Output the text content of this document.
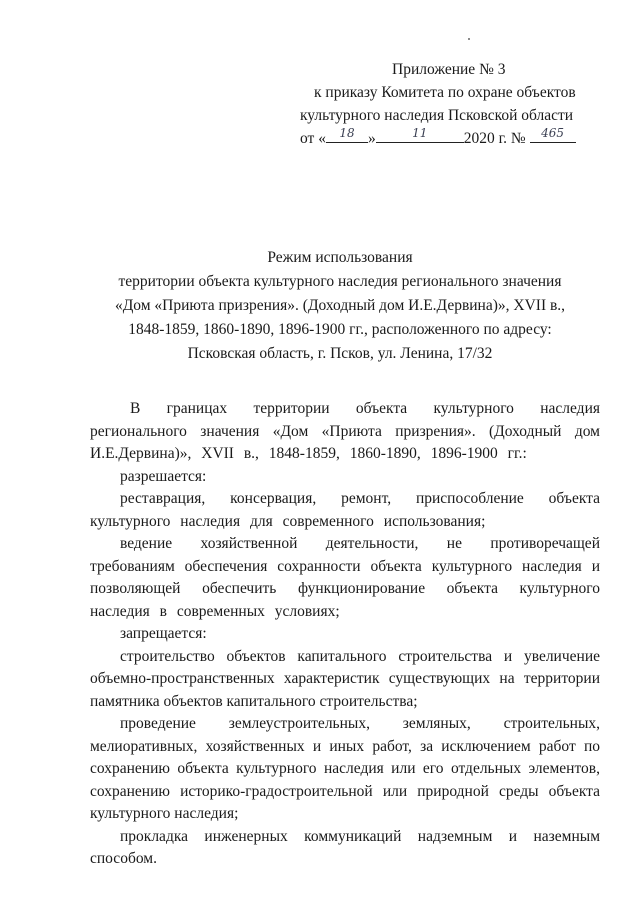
Приложение № 3
к приказу Комитета по охране объектов
культурного наследия Псковской области
от «	18 »	11	2020 г. №	465
Режим использования
территории объекта культурного наследия регионального значения
«Дом «Приюта призрения». (Доходный дом И.Е.Дервина)», XVII в.,
1848-1859, 1860-1890, 1896-1900 гг., расположенного по адресу:
Псковская область, г. Псков, ул. Ленина, 17/32

В границах территории объекта культурного наследия регионального значения «Дом «Приюта призрения». (Доходный дом И.Е.Дервина)», XVII в., 1848-1859, 1860-1890, 1896-1900 гг.:

разрешается:

реставрация, консервация, ремонт, приспособление объекта культурного наследия для современного использования;

ведение хозяйственной деятельности, не противоречащей требованиям обеспечения сохранности объекта культурного наследия и позволяющей обеспечить функционирование объекта культурного наследия в современных условиях;

запрещается:

строительство объектов капитального строительства и увеличение объемно-пространственных характеристик существующих на территории памятника объектов капитального строительства;

проведение землеустроительных, земляных, строительных, мелиоративных, хозяйственных и иных работ, за исключением работ по сохранению объекта культурного наследия или его отдельных элементов, сохранению историко-градостроительной или природной среды объекта культурного наследия;

прокладка инженерных коммуникаций надземным и наземным способом.
